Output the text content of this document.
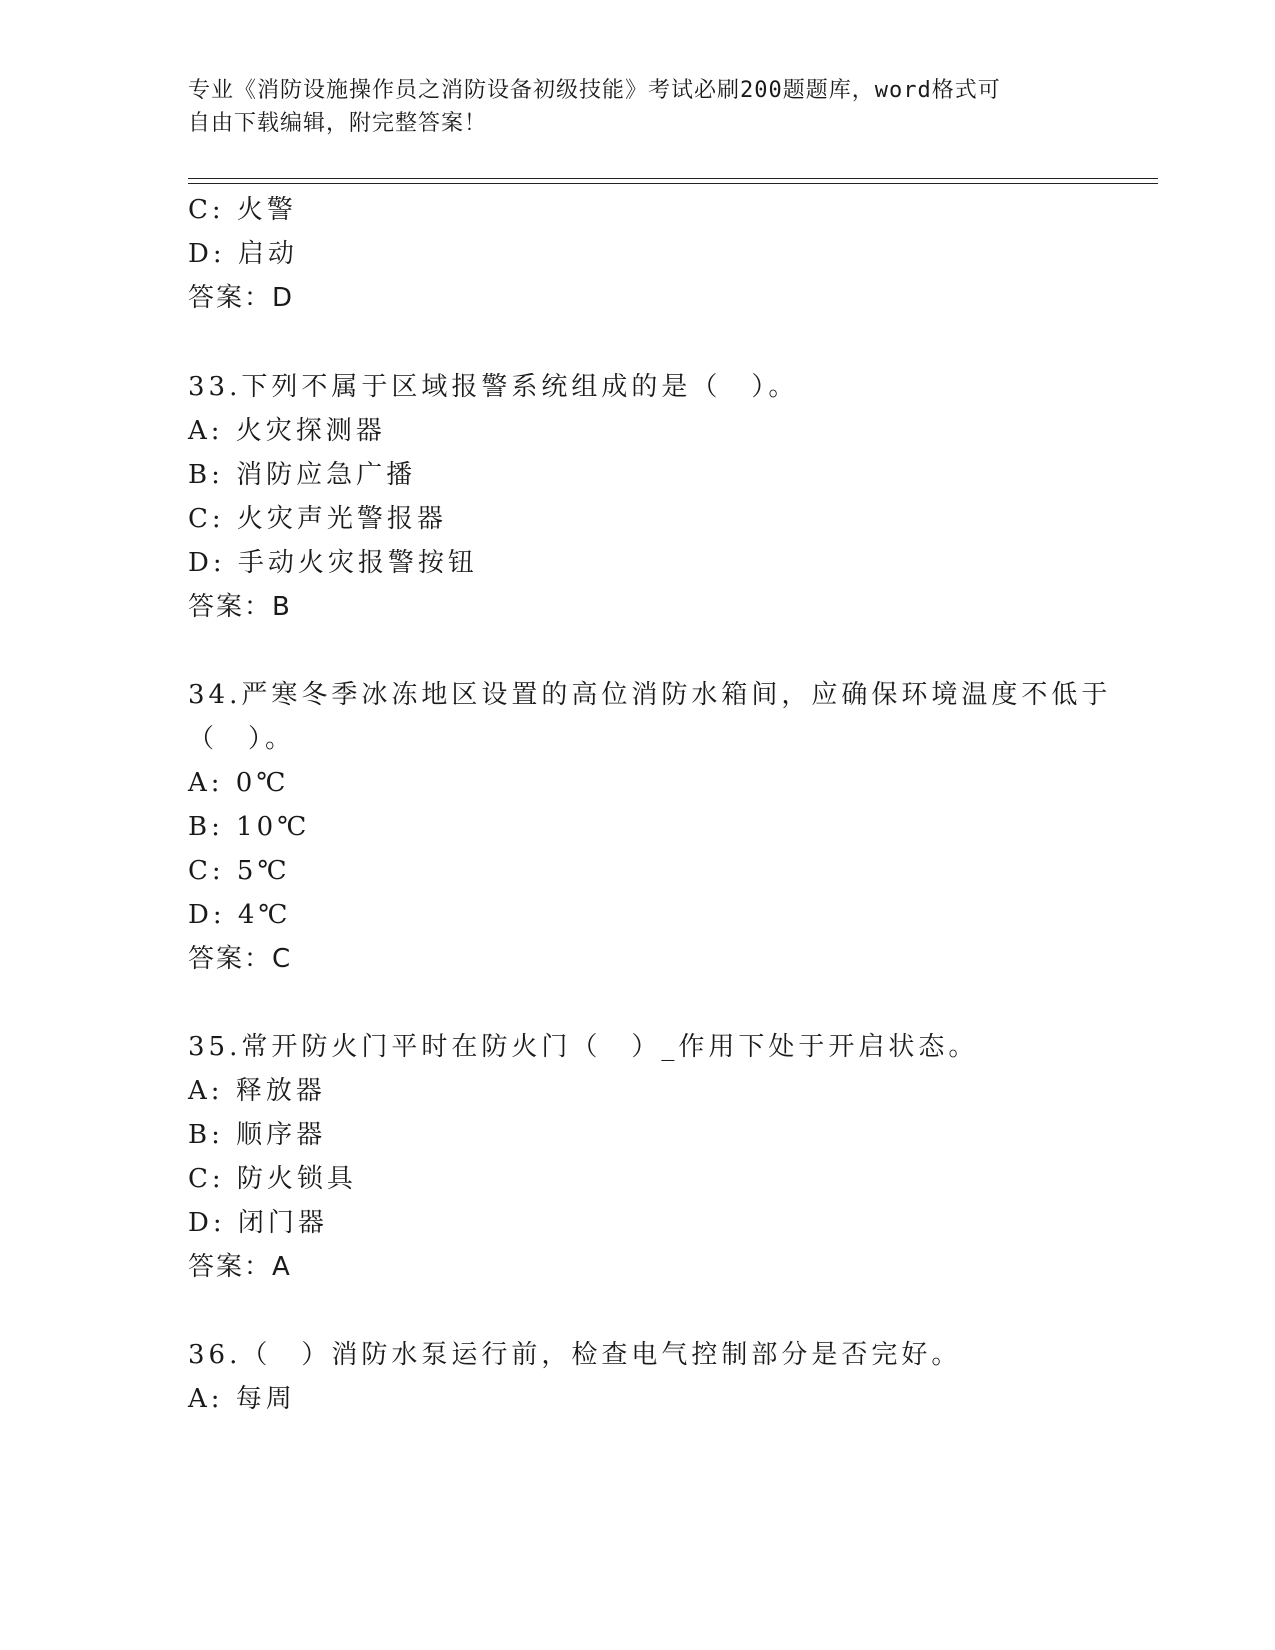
专业《消防设施操作员之消防设备初级技能》考试必刷200题题库，word格式可
自由下载编辑，附完整答案！
C: 火警
D: 启动
答案：D
33.下列不属于区域报警系统组成的是（　）。
A: 火灾探测器
B: 消防应急广播
C: 火灾声光警报器
D: 手动火灾报警按钮
答案：B
34.严寒冬季冰冻地区设置的高位消防水箱间，应确保环境温度不低于
（　）。
A: 0℃
B: 10℃
C: 5℃
D: 4℃
答案：C
35.常开防火门平时在防火门（　）_作用下处于开启状态。
A: 释放器
B: 顺序器
C: 防火锁具
D: 闭门器
答案：A
36.（　）消防水泵运行前，检查电气控制部分是否完好。
A: 每周
